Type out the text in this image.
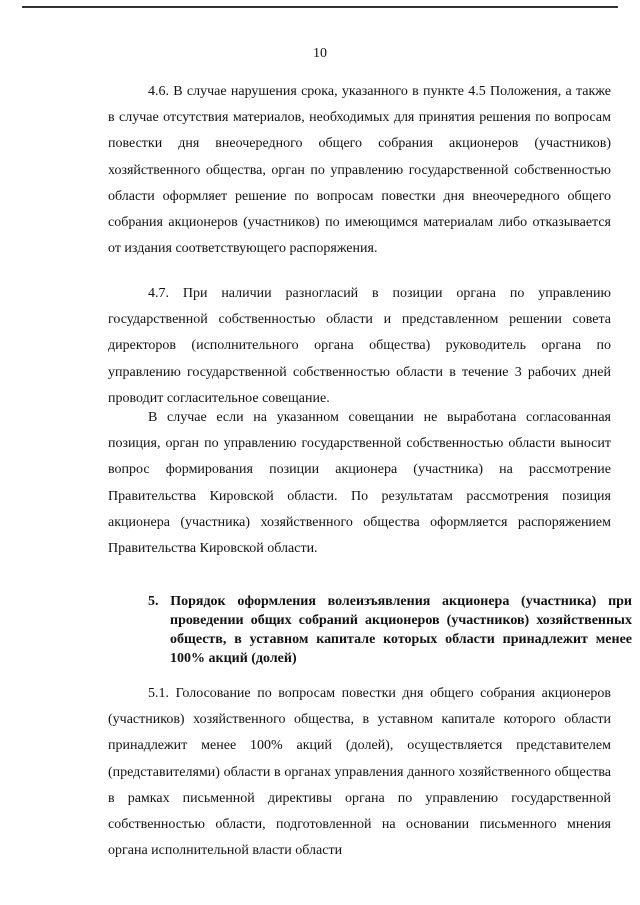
10

4.6. В случае нарушения срока, указанного в пункте 4.5 Положения, а также в случае отсутствия материалов, необходимых для принятия решения по вопросам повестки дня внеочередного общего собрания акционеров (участников) хозяйственного общества, орган по управлению государственной собственностью области оформляет решение по вопросам повестки дня внеочередного общего собрания акционеров (участников) по имеющимся материалам либо отказывается от издания соответствующего распоряжения.

4.7. При наличии разногласий в позиции органа по управлению государственной собственностью области и представленном решении совета директоров (исполнительного органа общества) руководитель органа по управлению государственной собственностью области в течение 3 рабочих дней проводит согласительное совещание.

В случае если на указанном совещании не выработана согласованная позиция, орган по управлению государственной собственностью области выносит вопрос формирования позиции акционера (участника) на рассмотрение Правительства Кировской области. По результатам рассмотрения позиция акционера (участника) хозяйственного общества оформляется распоряжением Правительства Кировской области.

5. Порядок оформления волеизъявления акционера (участника) при проведении общих собраний акционеров (участников) хозяйственных обществ, в уставном капитале которых области принадлежит менее 100% акций (долей)

5.1. Голосование по вопросам повестки дня общего собрания акционеров (участников) хозяйственного общества, в уставном капитале которого области принадлежит менее 100% акций (долей), осуществляется представителем (представителями) области в органах управления данного хозяйственного общества в рамках письменной директивы органа по управлению государственной собственностью области, подготовленной на основании письменного мнения органа исполнительной власти области
